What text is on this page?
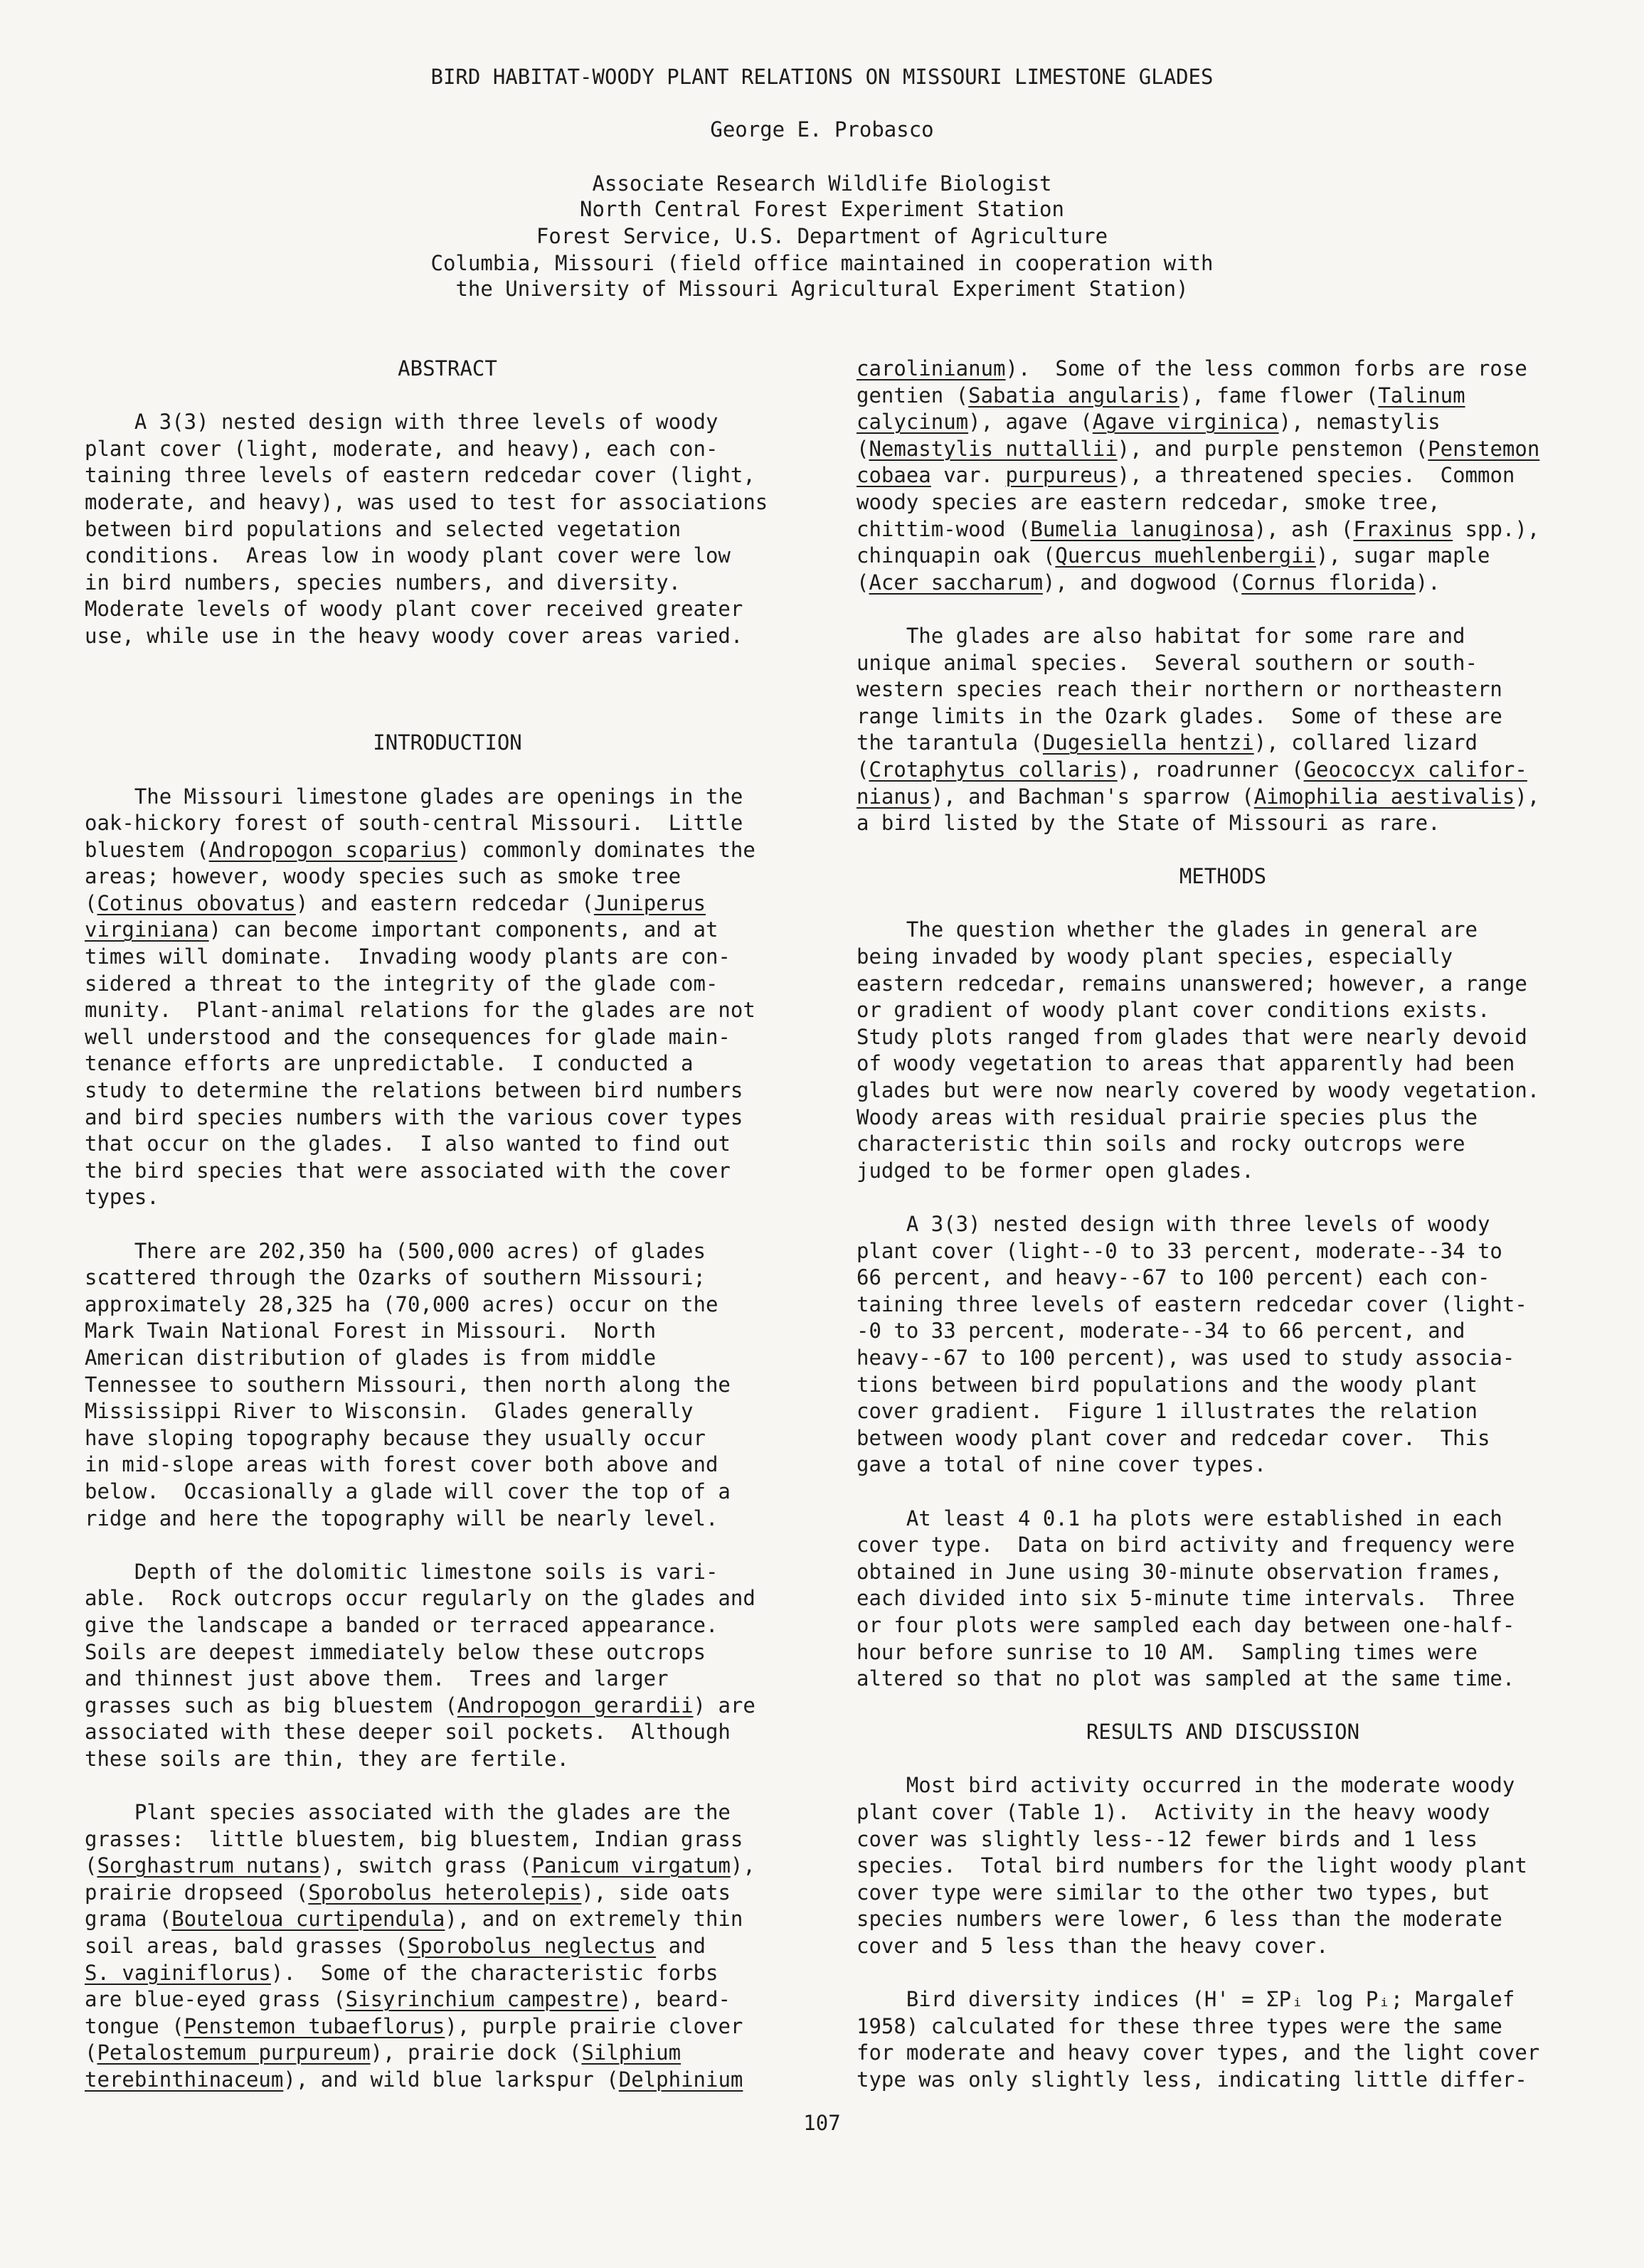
BIRD HABITAT-WOODY PLANT RELATIONS ON MISSOURI LIMESTONE GLADES
George E. Probasco
Associate Research Wildlife Biologist
North Central Forest Experiment Station
Forest Service, U.S. Department of Agriculture
Columbia, Missouri (field office maintained in cooperation with
the University of Missouri Agricultural Experiment Station)
ABSTRACT
A 3(3) nested design with three levels of woody
plant cover (light, moderate, and heavy), each con-
taining three levels of eastern redcedar cover (light,
moderate, and heavy), was used to test for associations
between bird populations and selected vegetation
conditions.  Areas low in woody plant cover were low
in bird numbers, species numbers, and diversity.
Moderate levels of woody plant cover received greater
use, while use in the heavy woody cover areas varied.
INTRODUCTION
The Missouri limestone glades are openings in the
oak-hickory forest of south-central Missouri.  Little
bluestem (Andropogon scoparius) commonly dominates the
areas; however, woody species such as smoke tree
(Cotinus obovatus) and eastern redcedar (Juniperus
virginiana) can become important components, and at
times will dominate.  Invading woody plants are con-
sidered a threat to the integrity of the glade com-
munity.  Plant-animal relations for the glades are not
well understood and the consequences for glade main-
tenance efforts are unpredictable.  I conducted a
study to determine the relations between bird numbers
and bird species numbers with the various cover types
that occur on the glades.  I also wanted to find out
the bird species that were associated with the cover
types.
There are 202,350 ha (500,000 acres) of glades
scattered through the Ozarks of southern Missouri;
approximately 28,325 ha (70,000 acres) occur on the
Mark Twain National Forest in Missouri.  North
American distribution of glades is from middle
Tennessee to southern Missouri, then north along the
Mississippi River to Wisconsin.  Glades generally
have sloping topography because they usually occur
in mid-slope areas with forest cover both above and
below.  Occasionally a glade will cover the top of a
ridge and here the topography will be nearly level.
Depth of the dolomitic limestone soils is vari-
able.  Rock outcrops occur regularly on the glades and
give the landscape a banded or terraced appearance.
Soils are deepest immediately below these outcrops
and thinnest just above them.  Trees and larger
grasses such as big bluestem (Andropogon gerardii) are
associated with these deeper soil pockets.  Although
these soils are thin, they are fertile.
Plant species associated with the glades are the
grasses:  little bluestem, big bluestem, Indian grass
(Sorghastrum nutans), switch grass (Panicum virgatum),
prairie dropseed (Sporobolus heterolepis), side oats
grama (Bouteloua curtipendula), and on extremely thin
soil areas, bald grasses (Sporobolus neglectus and
S. vaginiflorus).  Some of the characteristic forbs
are blue-eyed grass (Sisyrinchium campestre), beard-
tongue (Penstemon tubaeflorus), purple prairie clover
(Petalostemum purpureum), prairie dock (Silphium
terebinthinaceum), and wild blue larkspur (Delphinium
carolinianum).  Some of the less common forbs are rose
gentien (Sabatia angularis), fame flower (Talinum
calycinum), agave (Agave virginica), nemastylis
(Nemastylis nuttallii), and purple penstemon (Penstemon
cobaea var. purpureus), a threatened species.  Common
woody species are eastern redcedar, smoke tree,
chittim-wood (Bumelia lanuginosa), ash (Fraxinus spp.),
chinquapin oak (Quercus muehlenbergii), sugar maple
(Acer saccharum), and dogwood (Cornus florida).
The glades are also habitat for some rare and
unique animal species.  Several southern or south-
western species reach their northern or northeastern
range limits in the Ozark glades.  Some of these are
the tarantula (Dugesiella hentzi), collared lizard
(Crotaphytus collaris), roadrunner (Geococcyx califor-
nianus), and Bachman's sparrow (Aimophilia aestivalis),
a bird listed by the State of Missouri as rare.
METHODS
The question whether the glades in general are
being invaded by woody plant species, especially
eastern redcedar, remains unanswered; however, a range
or gradient of woody plant cover conditions exists.
Study plots ranged from glades that were nearly devoid
of woody vegetation to areas that apparently had been
glades but were now nearly covered by woody vegetation.
Woody areas with residual prairie species plus the
characteristic thin soils and rocky outcrops were
judged to be former open glades.
A 3(3) nested design with three levels of woody
plant cover (light--0 to 33 percent, moderate--34 to
66 percent, and heavy--67 to 100 percent) each con-
taining three levels of eastern redcedar cover (light-
-0 to 33 percent, moderate--34 to 66 percent, and
heavy--67 to 100 percent), was used to study associa-
tions between bird populations and the woody plant
cover gradient.  Figure 1 illustrates the relation
between woody plant cover and redcedar cover.  This
gave a total of nine cover types.
At least 4 0.1 ha plots were established in each
cover type.  Data on bird activity and frequency were
obtained in June using 30-minute observation frames,
each divided into six 5-minute time intervals.  Three
or four plots were sampled each day between one-half-
hour before sunrise to 10 AM.  Sampling times were
altered so that no plot was sampled at the same time.
RESULTS AND DISCUSSION
Most bird activity occurred in the moderate woody
plant cover (Table 1).  Activity in the heavy woody
cover was slightly less--12 fewer birds and 1 less
species.  Total bird numbers for the light woody plant
cover type were similar to the other two types, but
species numbers were lower, 6 less than the moderate
cover and 5 less than the heavy cover.
Bird diversity indices (H' = ΣPᵢ log Pᵢ; Margalef
1958) calculated for these three types were the same
for moderate and heavy cover types, and the light cover
type was only slightly less, indicating little differ-
107
